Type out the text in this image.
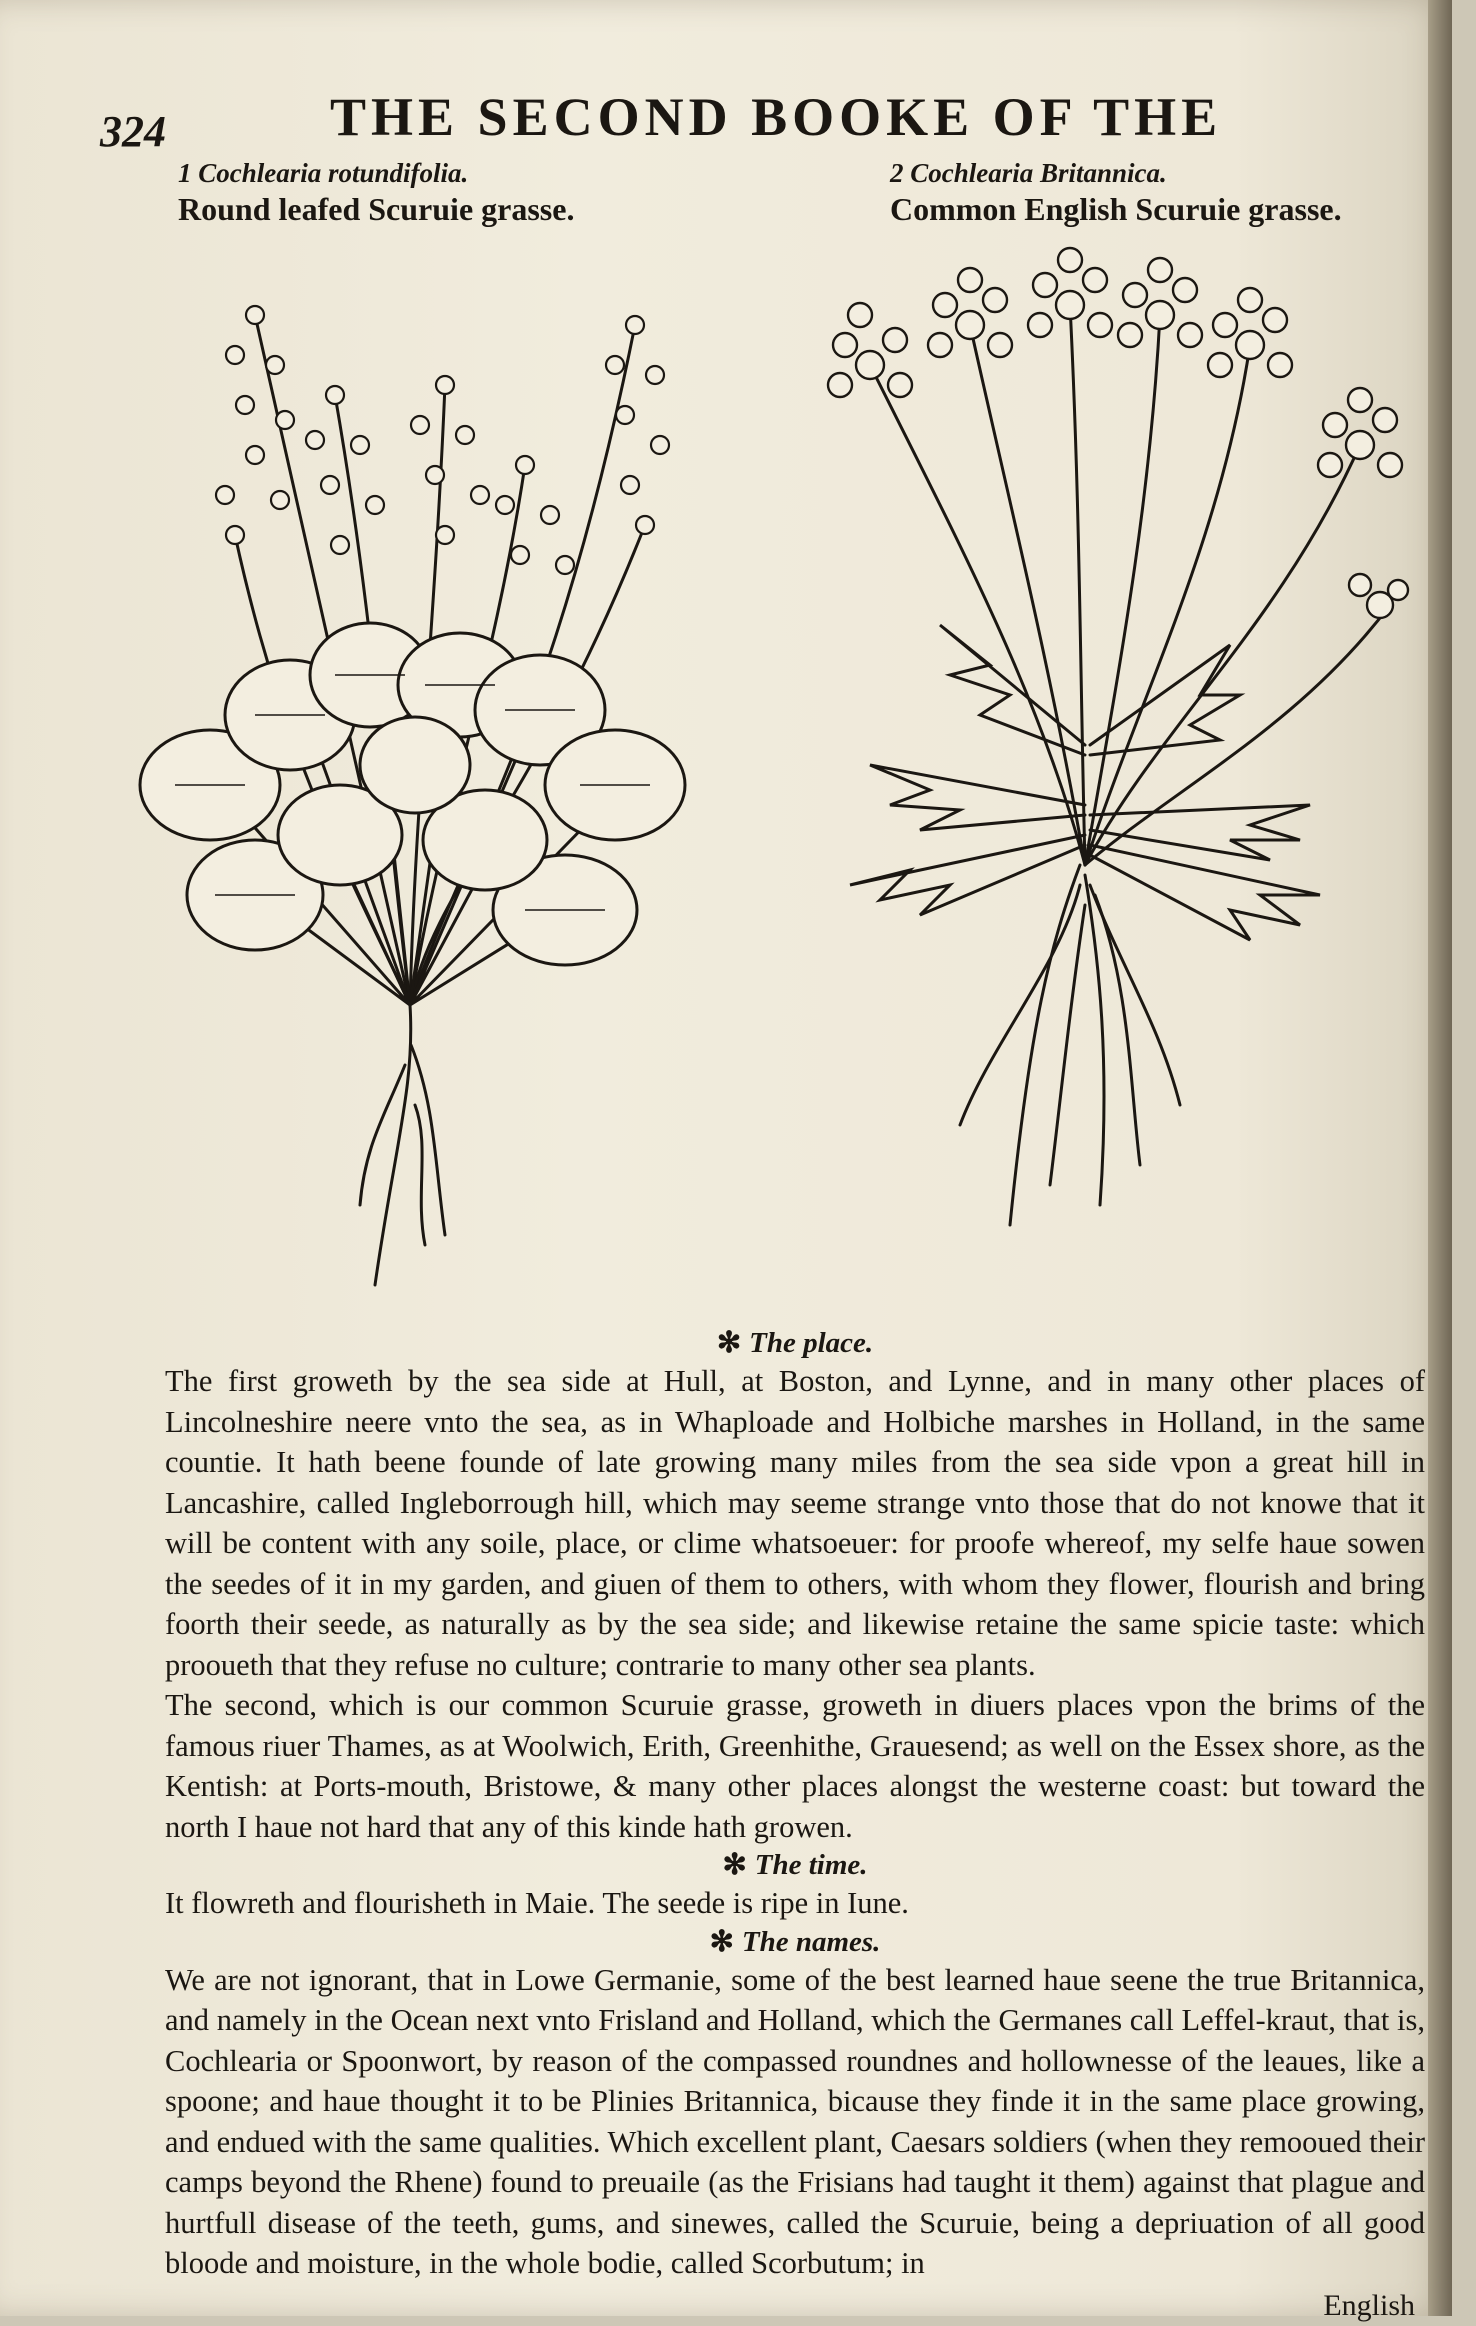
324	THE SECOND BOOKE OF THE
1 Cochlearia rotundifolia.
Round leafed Scuruie grasse.
2 Cochlearia Britannica.
Common English Scuruie grasse.
✻ The place.

The first groweth by the sea side at Hull, at Boston, and Lynne, and in many other places of Lincolneshire neere vnto the sea, as in Whaploade and Holbiche marshes in Holland, in the same countie. It hath beene founde of late growing many miles from the sea side vpon a great hill in Lancashire, called Ingleborrough hill, which may seeme strange vnto those that do not knowe that it will be content with any soile, place, or clime whatsoeuer: for proofe whereof, my selfe haue sowen the seedes of it in my garden, and giuen of them to others, with whom they flower, flourish and bring foorth their seede, as naturally as by the sea side; and likewise retaine the same spicie taste: which prooueth that they refuse no culture; contrarie to many other sea plants.

The second, which is our common Scuruie grasse, groweth in diuers places vpon the brims of the famous riuer Thames, as at Woolwich, Erith, Greenhithe, Grauesend; as well on the Essex shore, as the Kentish: at Ports-mouth, Bristowe, & many other places alongst the westerne coast: but toward the north I haue not hard that any of this kinde hath growen.

✻ The time.

It flowreth and flourisheth in Maie. The seede is ripe in Iune.

✻ The names.

We are not ignorant, that in Lowe Germanie, some of the best learned haue seene the true Britannica, and namely in the Ocean next vnto Frisland and Holland, which the Germanes call Leffel-kraut, that is, Cochlearia or Spoonwort, by reason of the compassed roundnes and hollownesse of the leaues, like a spoone; and haue thought it to be Plinies Britannica, bicause they finde it in the same place growing, and endued with the same qualities. Which excellent plant, Caesars soldiers (when they remooued their camps beyond the Rhene) found to preuaile (as the Frisians had taught it them) against that plague and hurtfull disease of the teeth, gums, and sinewes, called the Scuruie, being a depriuation of all good bloode and moisture, in the whole bodie, called Scorbutum; in

English
